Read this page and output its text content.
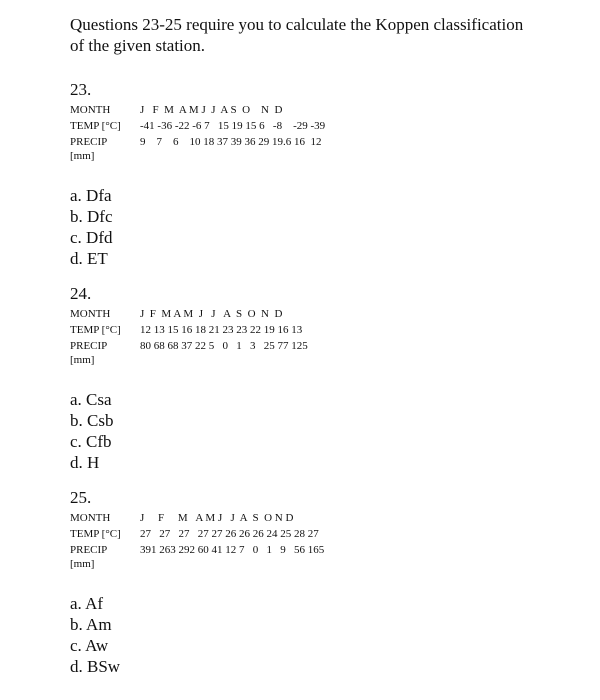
Questions 23-25 require you to calculate the Koppen classification of the given station.

23.
MONTH	J   F  M  A M J  J  A S  O    N  D
TEMP [°C]	-41 -36 -22 -6 7   15 19 15 6   -8    -29 -39
PRECIP	9    7    6    10 18 37 39 36 29 19.6 16  12
[mm]
a. Dfa
b. Dfc
c. Dfd
d. ET
24.
MONTH	J  F  M A M  J   J   A  S  O  N  D
TEMP [°C]	12 13 15 16 18 21 23 23 22 19 16 13
PRECIP	80 68 68 37 22 5   0   1   3   25 77 125
[mm]
a. Csa
b. Csb
c. Cfb
d. H
25.
MONTH	J     F     M   A M J   J  A  S  O N D
TEMP [°C]	27   27   27   27 27 26 26 26 24 25 28 27
PRECIP	391 263 292 60 41 12 7   0   1   9   56 165
[mm]
a. Af
b. Am
c. Aw
d. BSw
